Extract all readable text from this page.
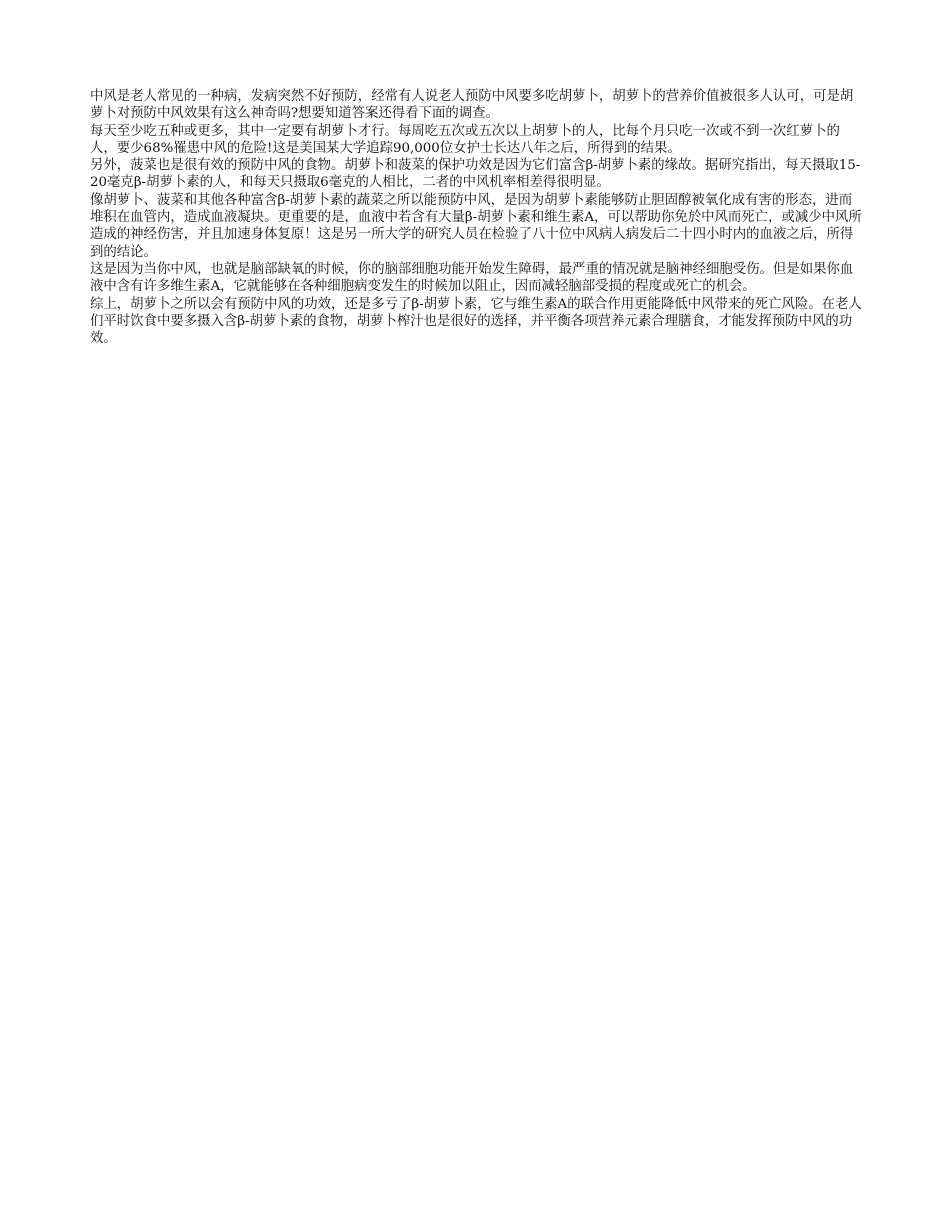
中风是老人常见的一种病，发病突然不好预防，经常有人说老人预防中风要多吃胡萝卜，胡萝卜的营养价值被很多人认可，可是胡萝卜对预防中风效果有这么神奇吗?想要知道答案还得看下面的调查。

每天至少吃五种或更多，其中一定要有胡萝卜才行。每周吃五次或五次以上胡萝卜的人，比每个月只吃一次或不到一次红萝卜的人，要少68%罹患中风的危险!这是美国某大学追踪90,000位女护士长达八年之后，所得到的结果。

另外，菠菜也是很有效的预防中风的食物。胡萝卜和菠菜的保护功效是因为它们富含β-胡萝卜素的缘故。据研究指出，每天摄取15-20毫克β-胡萝卜素的人，和每天只摄取6毫克的人相比，二者的中风机率相差得很明显。

像胡萝卜、菠菜和其他各种富含β-胡萝卜素的蔬菜之所以能预防中风，是因为胡萝卜素能够防止胆固醇被氧化成有害的形态，进而堆积在血管内，造成血液凝块。更重要的是，血液中若含有大量β-胡萝卜素和维生素A，可以帮助你免於中风而死亡，或减少中风所造成的神经伤害，并且加速身体复原！这是另一所大学的研究人员在检验了八十位中风病人病发后二十四小时内的血液之后，所得到的结论。

这是因为当你中风，也就是脑部缺氧的时候，你的脑部细胞功能开始发生障碍，最严重的情况就是脑神经细胞受伤。但是如果你血液中含有许多维生素A，它就能够在各种细胞病变发生的时候加以阻止，因而减轻脑部受损的程度或死亡的机会。

综上，胡萝卜之所以会有预防中风的功效，还是多亏了β-胡萝卜素，它与维生素A的联合作用更能降低中风带来的死亡风险。在老人们平时饮食中要多摄入含β-胡萝卜素的食物，胡萝卜榨汁也是很好的选择，并平衡各项营养元素合理膳食，才能发挥预防中风的功效。
